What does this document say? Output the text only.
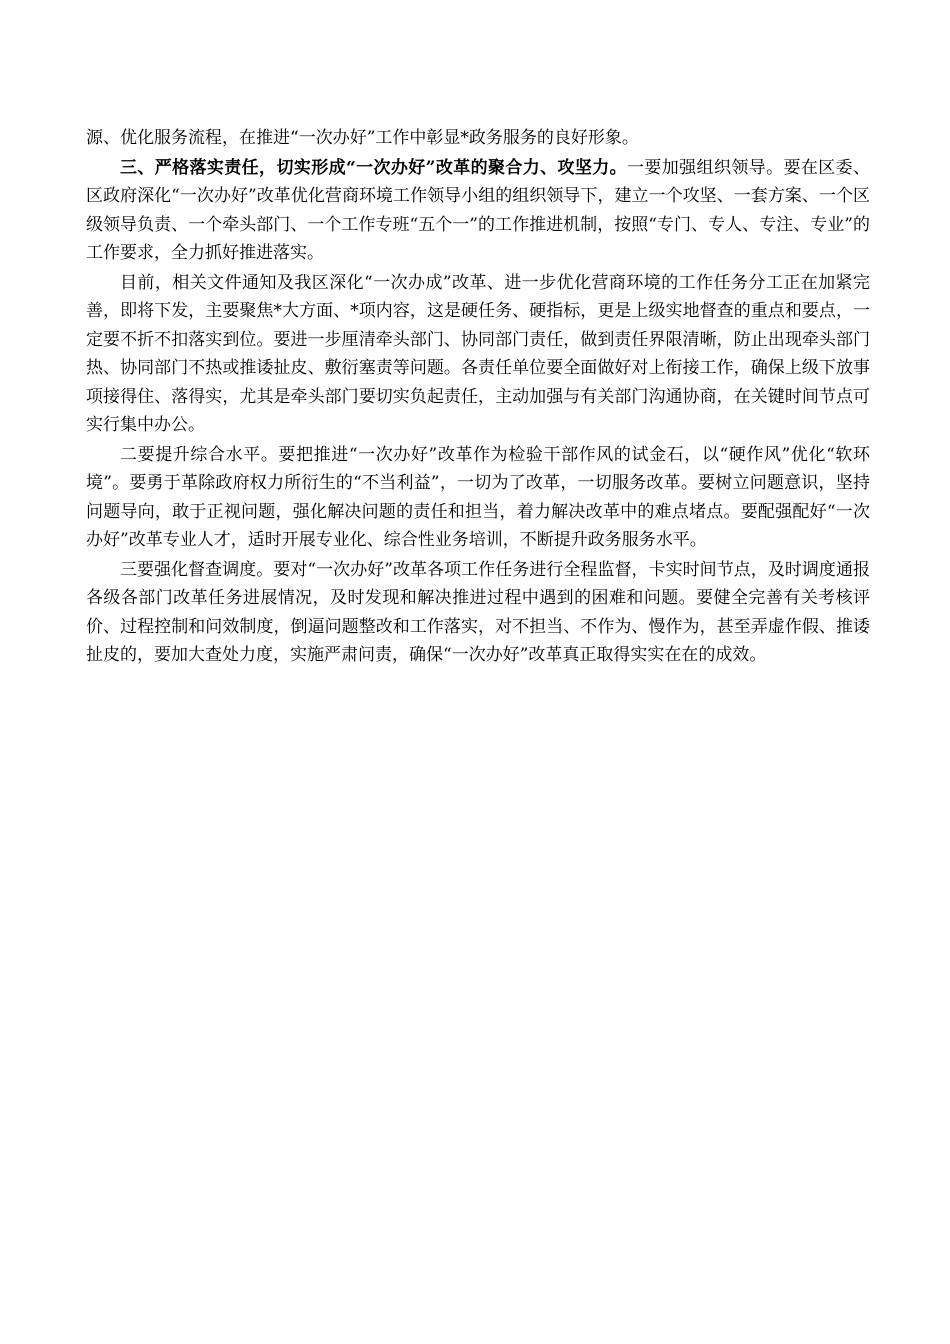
源、优化服务流程，在推进“一次办好”工作中彰显*政务服务的良好形象。

三、严格落实责任，切实形成“一次办好”改革的聚合力、攻坚力。一要加强组织领导。要在区委、区政府深化“一次办好”改革优化营商环境工作领导小组的组织领导下，建立一个攻坚、一套方案、一个区级领导负责、一个牵头部门、一个工作专班“五个一”的工作推进机制，按照“专门、专人、专注、专业”的工作要求，全力抓好推进落实。

目前，相关文件通知及我区深化“一次办成”改革、进一步优化营商环境的工作任务分工正在加紧完善，即将下发，主要聚焦*大方面、*项内容，这是硬任务、硬指标，更是上级实地督查的重点和要点，一定要不折不扣落实到位。要进一步厘清牵头部门、协同部门责任，做到责任界限清晰，防止出现牵头部门热、协同部门不热或推诿扯皮、敷衍塞责等问题。各责任单位要全面做好对上衔接工作，确保上级下放事项接得住、落得实，尤其是牵头部门要切实负起责任，主动加强与有关部门沟通协商，在关键时间节点可实行集中办公。

二要提升综合水平。要把推进“一次办好”改革作为检验干部作风的试金石，以“硬作风”优化“软环境”。要勇于革除政府权力所衍生的“不当利益”，一切为了改革，一切服务改革。要树立问题意识，坚持问题导向，敢于正视问题，强化解决问题的责任和担当，着力解决改革中的难点堵点。要配强配好“一次办好”改革专业人才，适时开展专业化、综合性业务培训，不断提升政务服务水平。

三要强化督查调度。要对“一次办好”改革各项工作任务进行全程监督，卡实时间节点，及时调度通报各级各部门改革任务进展情况，及时发现和解决推进过程中遇到的困难和问题。要健全完善有关考核评价、过程控制和问效制度，倒逼问题整改和工作落实，对不担当、不作为、慢作为，甚至弄虚作假、推诿扯皮的，要加大查处力度，实施严肃问责，确保“一次办好”改革真正取得实实在在的成效。
